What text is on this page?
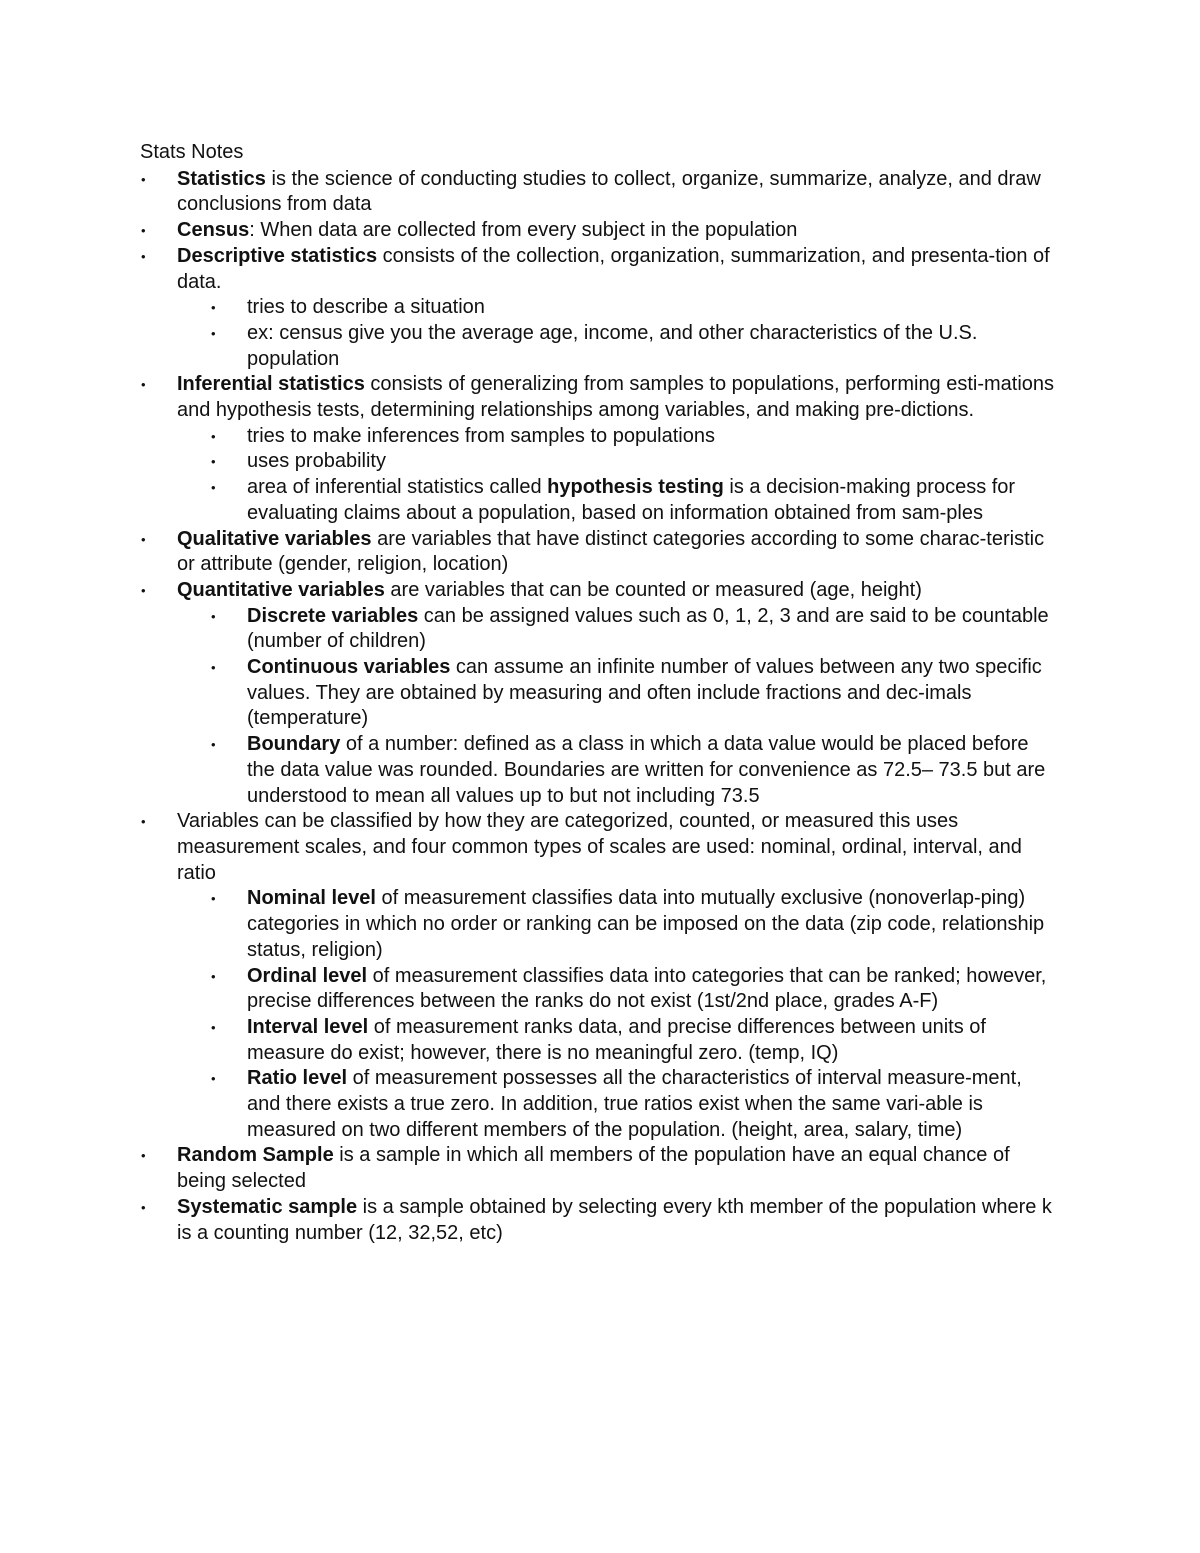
Stats Notes
• Statistics is the science of conducting studies to collect, organize, summarize, analyze, and draw conclusions from data
• Census: When data are collected from every subject in the population
• Descriptive statistics consists of the collection, organization, summarization, and presenta-tion of data.
• tries to describe a situation
• ex: census give you the average age, income, and other characteristics of the U.S. population
• Inferential statistics consists of generalizing from samples to populations, performing esti-mations and hypothesis tests, determining relationships among variables, and making pre-dictions.
• tries to make inferences from samples to populations
• uses probability
• area of inferential statistics called hypothesis testing is a decision-making process for evaluating claims about a population, based on information obtained from sam-ples
• Qualitative variables are variables that have distinct categories according to some charac-teristic or attribute (gender, religion, location)
• Quantitative variables are variables that can be counted or measured (age, height)
• Discrete variables can be assigned values such as 0, 1, 2, 3 and are said to be countable (number of children)
• Continuous variables can assume an infinite number of values between any two specific values. They are obtained by measuring and often include fractions and dec-imals (temperature)
• Boundary of a number: defined as a class in which a data value would be placed before the data value was rounded. Boundaries are written for convenience as 72.5– 73.5 but are understood to mean all values up to but not including 73.5
• Variables can be classified by how they are categorized, counted, or measured this uses measurement scales, and four common types of scales are used: nominal, ordinal, interval, and ratio
• Nominal level of measurement classifies data into mutually exclusive (nonoverlap-ping) categories in which no order or ranking can be imposed on the data (zip code, relationship status, religion)
• Ordinal level of measurement classifies data into categories that can be ranked; however, precise differences between the ranks do not exist (1st/2nd place, grades A-F)
• Interval level of measurement ranks data, and precise differences between units of measure do exist; however, there is no meaningful zero. (temp, IQ)
• Ratio level of measurement possesses all the characteristics of interval measure-ment, and there exists a true zero. In addition, true ratios exist when the same vari-able is measured on two different members of the population. (height, area, salary, time)
• Random Sample is a sample in which all members of the population have an equal chance of being selected
• Systematic sample is a sample obtained by selecting every kth member of the population where k is a counting number (12, 32,52, etc)
